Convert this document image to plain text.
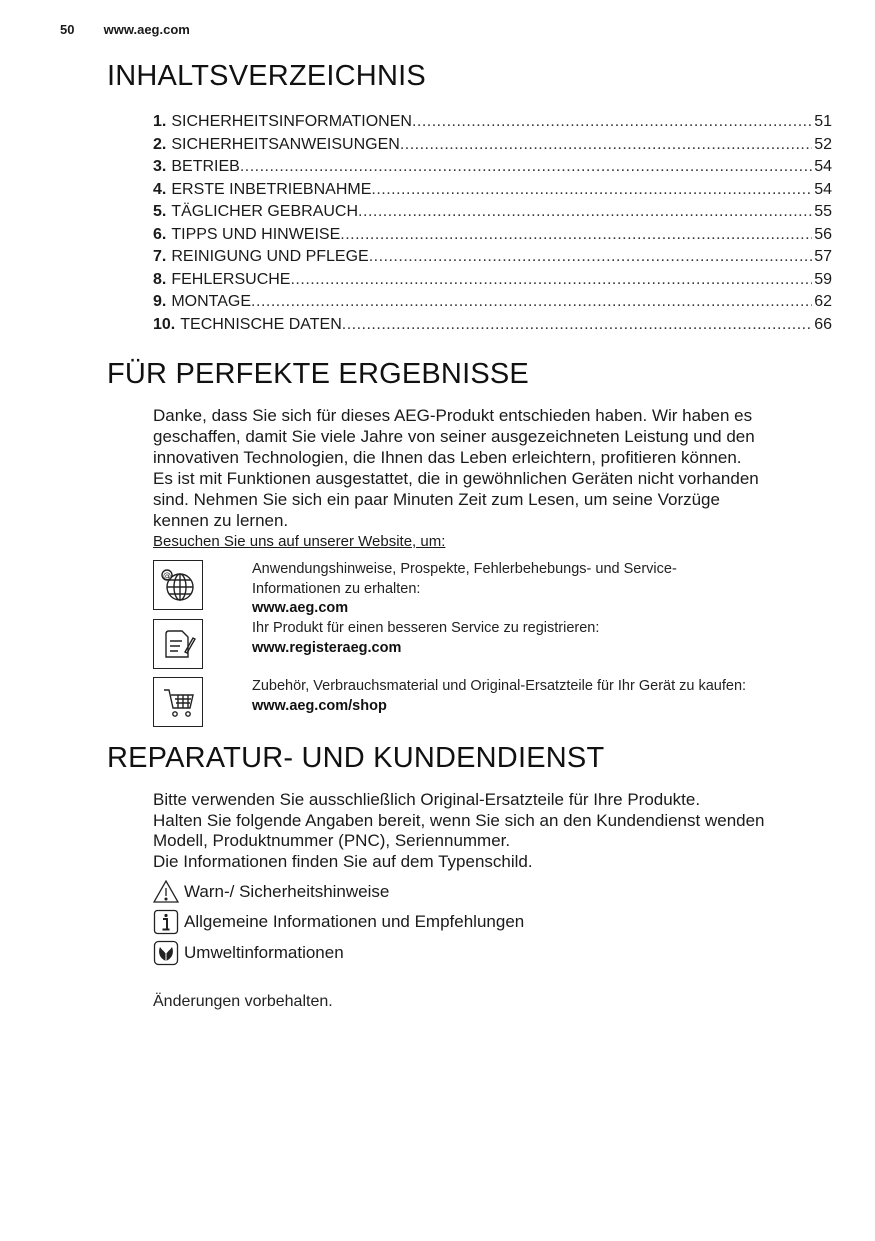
50 www.aeg.com
INHALTSVERZEICHNIS
1. SICHERHEITSINFORMATIONEN .....	51
2. SICHERHEITSANWEISUNGEN .....	52
3. BETRIEB .....	54
4. ERSTE INBETRIEBNAHME .....	54
5. TÄGLICHER GEBRAUCH .....	55
6. TIPPS UND HINWEISE .....	56
7. REINIGUNG UND PFLEGE .....	57
8. FEHLERSUCHE .....	59
9. MONTAGE .....	62
10. TECHNISCHE DATEN .....	66
FÜR PERFEKTE ERGEBNISSE
Danke, dass Sie sich für dieses AEG-Produkt entschieden haben. Wir haben es
geschaffen, damit Sie viele Jahre von seiner ausgezeichneten Leistung und den
innovativen Technologien, die Ihnen das Leben erleichtern, profitieren können.
Es ist mit Funktionen ausgestattet, die in gewöhnlichen Geräten nicht vorhanden
sind. Nehmen Sie sich ein paar Minuten Zeit zum Lesen, um seine Vorzüge
kennen zu lernen.
Besuchen Sie uns auf unserer Website, um:
@	Anwendungshinweise, Prospekte, Fehlerbehebungs- und Service-
Informationen zu erhalten:
www.aeg.com
Ihr Produkt für einen besseren Service zu registrieren:
www.registeraeg.com
Zubehör, Verbrauchsmaterial und Original-Ersatzteile für Ihr Gerät zu kaufen:
www.aeg.com/shop
REPARATUR- UND KUNDENDIENST
Bitte verwenden Sie ausschließlich Original-Ersatzteile für Ihre Produkte.
Halten Sie folgende Angaben bereit, wenn Sie sich an den Kundendienst wenden
Modell, Produktnummer (PNC), Seriennummer.
Die Informationen finden Sie auf dem Typenschild.
Warn-/ Sicherheitshinweise
Allgemeine Informationen und Empfehlungen
Umweltinformationen
Änderungen vorbehalten.
